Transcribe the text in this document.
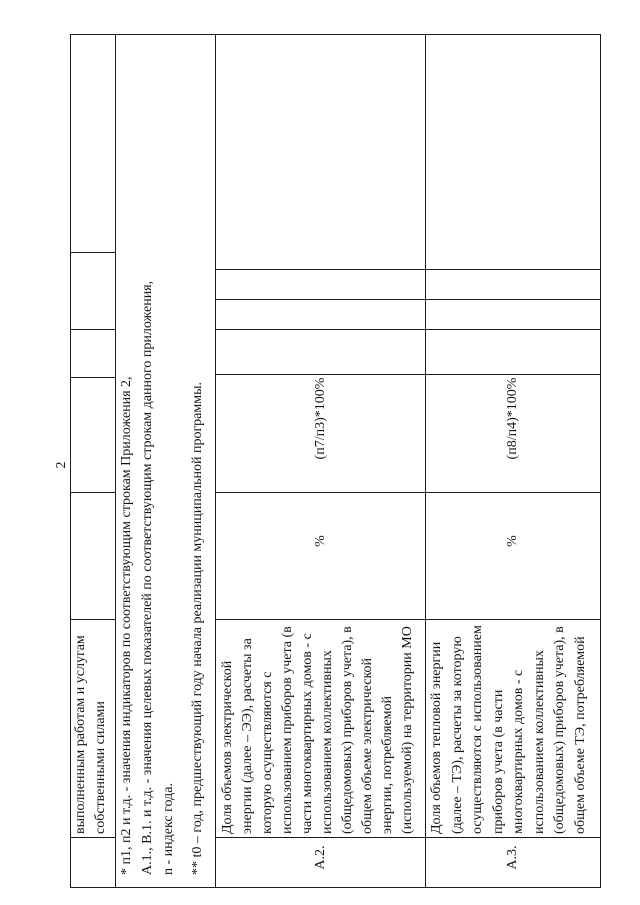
2
выполненным работам и услугам собственными силами * п1, п2 и т.д. - значения индикаторов по соответствующим строкам Приложения 2, А.1., В.1. и т.д. - значения целевых показателей по соответствующим строкам данного приложения, n - индекс года. ** t0 – год, предшествующий году начала реализации муниципальной программы.	А.2.
Доля объемов электрической энергии (далее – ЭЭ), расчеты за которую осуществляются с использованием приборов учета (в части многоквартирных домов - с использованием коллективных (общедомовых) приборов учета), в общем объеме электрической энергии, потребляемой (используемой) на территории МО
%
(п7/п3)*100%
А.3.
Доля объемов тепловой энергии (далее – ТЭ), расчеты за которую осуществляются с использованием приборов учета (в части многоквартирных домов - с использованием коллективных (общедомовых) приборов учета), в общем объеме ТЭ, потребляемой
%
(п8/п4)*100%
